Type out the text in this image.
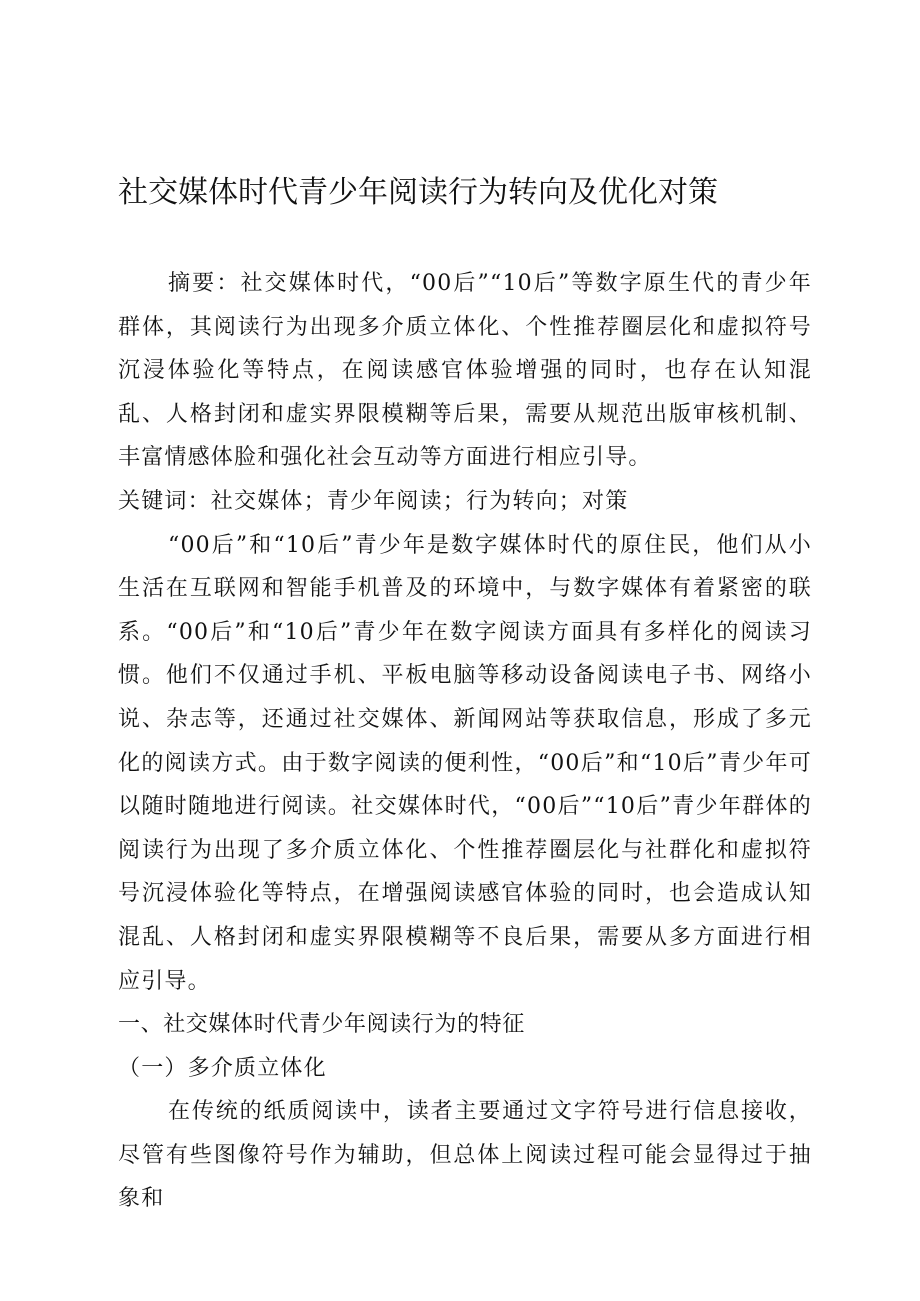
社交媒体时代青少年阅读行为转向及优化对策

摘要：社交媒体时代，“00后”“10后”等数字原生代的青少年群体，其阅读行为出现多介质立体化、个性推荐圈层化和虚拟符号沉浸体验化等特点，在阅读感官体验增强的同时，也存在认知混乱、人格封闭和虚实界限模糊等后果，需要从规范出版审核机制、丰富情感体脸和强化社会互动等方面进行相应引导。

关键词：社交媒体；青少年阅读；行为转向；对策

“00后”和“10后”青少年是数字媒体时代的原住民，他们从小生活在互联网和智能手机普及的环境中，与数字媒体有着紧密的联系。“00后”和“10后”青少年在数字阅读方面具有多样化的阅读习惯。他们不仅通过手机、平板电脑等移动设备阅读电子书、网络小说、杂志等，还通过社交媒体、新闻网站等获取信息，形成了多元化的阅读方式。由于数字阅读的便利性，“00后”和“10后”青少年可以随时随地进行阅读。社交媒体时代，“00后”“10后”青少年群体的阅读行为出现了多介质立体化、个性推荐圈层化与社群化和虚拟符号沉浸体验化等特点，在增强阅读感官体验的同时，也会造成认知混乱、人格封闭和虚实界限模糊等不良后果，需要从多方面进行相应引导。

一、社交媒体时代青少年阅读行为的特征

（一）多介质立体化

在传统的纸质阅读中，读者主要通过文字符号进行信息接收，尽管有些图像符号作为辅助，但总体上阅读过程可能会显得过于抽象和
